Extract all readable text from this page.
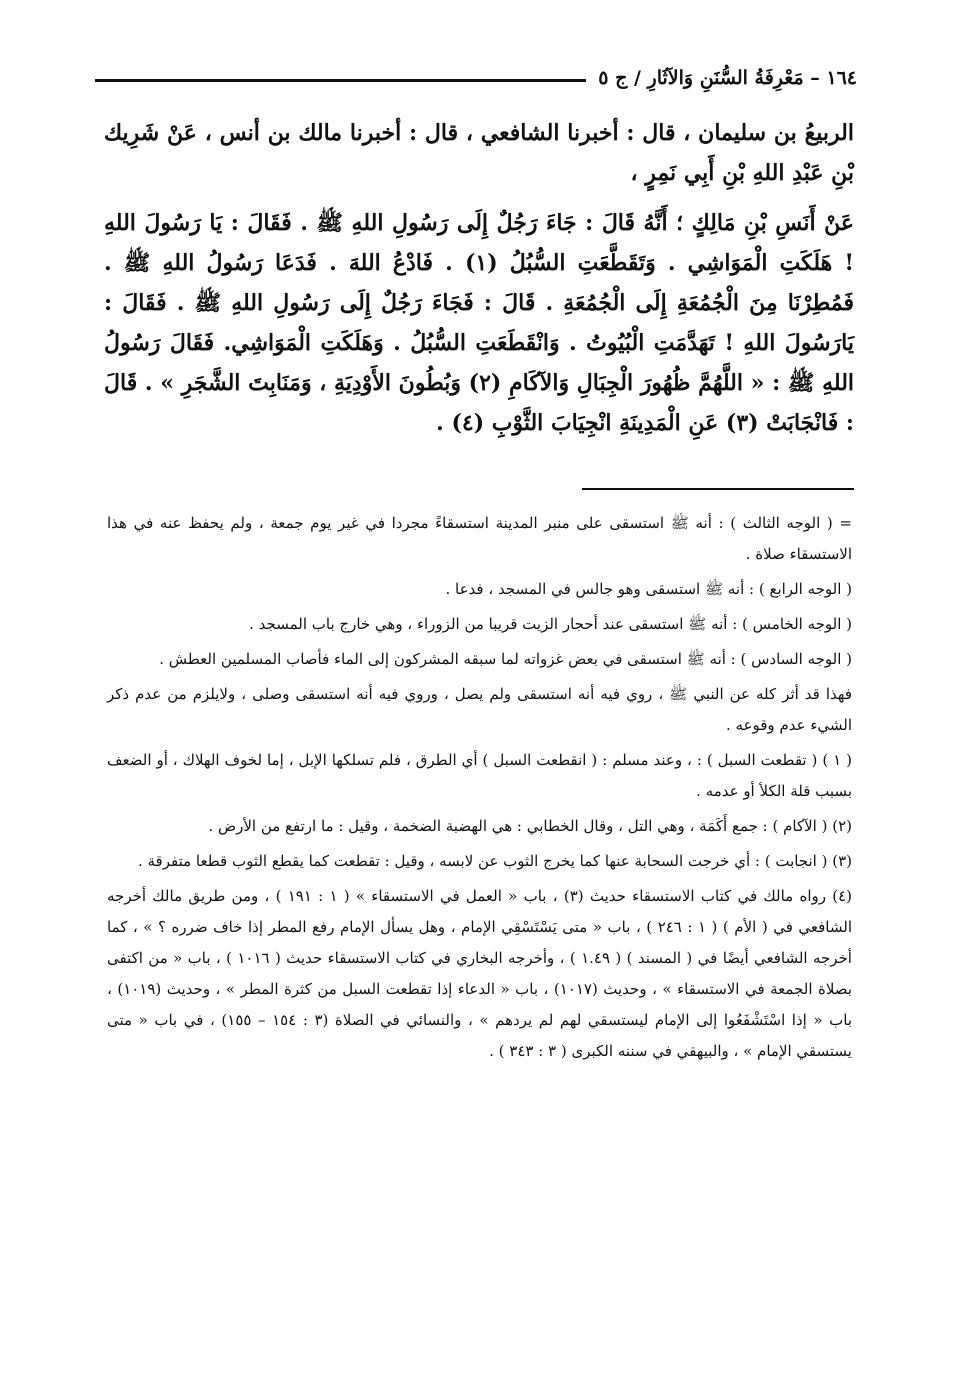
١٦٤ – مَعْرِفَةُ السُّنَنِ وَالآثَارِ / ج ٥

الربيعُ بن سليمان ، قال : أخبرنا الشافعي ، قال : أخبرنا مالك بن أنس ، عَنْ شَرِيك بْنِ عَبْدِ اللهِ بْنِ أَبِي نَمِرٍ ،

عَنْ أَنَسِ بْنِ مَالِكٍ ؛ أَنَّهُ قَالَ : جَاءَ رَجُلٌ إِلَى رَسُولِ اللهِ ﷺ . فَقَالَ : يَا رَسُولَ اللهِ ! هَلَكَتِ الْمَوَاشِي . وَتَقَطَّعَتِ السُّبُلُ (١) . فَادْعُ اللهَ . فَدَعَا رَسُولُ اللهِ ﷺ . فَمُطِرْنَا مِنَ الْجُمُعَةِ إِلَى الْجُمُعَةِ . قَالَ : فَجَاءَ رَجُلٌ إِلَى رَسُولِ اللهِ ﷺ . فَقَالَ : يَارَسُولَ اللهِ ! تَهَدَّمَتِ الْبُيُوتُ . وَانْقَطَعَتِ السُّبُلُ . وَهَلَكَتِ الْمَوَاشِي. فَقَالَ رَسُولُ اللهِ ﷺ : « اللَّهُمَّ ظُهُورَ الْجِبَالِ وَالآكَامِ (٢) وَبُطُونَ الأَوْدِيَةِ ، وَمَنَابِتَ الشَّجَرِ » . قَالَ : فَانْجَابَتْ (٣) عَنِ الْمَدِينَةِ انْجِيَابَ الثَّوْبِ (٤) .

= ( الوجه الثالث ) : أنه ﷺ استسقى على منبر المدينة استسقاءً مجردا في غير يوم جمعة ، ولم يحفظ عنه في هذا الاستسقاء صلاة .

( الوجه الرابع ) : أنه ﷺ استسقى وهو جالس في المسجد ، فدعا .

( الوجه الخامس ) : أنه ﷺ استسقى عند أحجار الزيت قريبا من الزوراء ، وهي خارج باب المسجد .

( الوجه السادس ) : أنه ﷺ استسقى في بعض غزواته لما سبقه المشركون إلى الماء فأصاب المسلمين العطش .

فهذا قد أثر كله عن النبي ﷺ ، روي فيه أنه استسقى ولم يصل ، وروي فيه أنه استسقى وصلى ، ولايلزم من عدم ذكر الشيء عدم وقوعه .

( ١ ) ( تقطعت السبل ) : ، وعند مسلم : ( انقطعت السبل ) أي الطرق ، فلم تسلكها الإبل ، إما لخوف الهلاك ، أو الضعف بسبب قلة الكلأ أو عدمه .

(٢) ( الآكام ) : جمع أَكَمَة ، وهي التل ، وقال الخطابي : هي الهضبة الضخمة ، وقيل : ما ارتفع من الأرض .

(٣) ( انجابت ) : أي خرجت السحابة عنها كما يخرج الثوب عن لابسه ، وقيل : تقطعت كما يقطع الثوب قطعا متفرقة .

(٤) رواه مالك في كتاب الاستسقاء حديث (٣) ، باب « العمل في الاستسقاء » ( ١ : ١٩١ ) ، ومن طريق مالك أخرجه الشافعي في ( الأم ) ( ١ : ٢٤٦ ) ، باب « متى يَسْتَسْقِي الإمام ، وهل يسأل الإمام رفع المطر إذا خاف ضرره ؟ » ، كما أخرجه الشافعي أيضًا في ( المسند ) ( ١.٤٩ ) ، وأخرجه البخاري في كتاب الاستسقاء حديث ( ١٠١٦ ) ، باب « من اكتفى بصلاة الجمعة في الاستسقاء » ، وحديث (١٠١٧) ، باب « الدعاء إذا تقطعت السبل من كثرة المطر » ، وحديث (١٠١٩) ، باب « إذا اسْتَشْفَعُوا إلى الإمام ليستسقي لهم لم يردهم » ، والنسائي في الصلاة (٣ : ١٥٤ – ١٥٥) ، في باب « متى يستسقي الإمام » ، والبيهقي في سننه الكبرى ( ٣ : ٣٤٣ ) .
